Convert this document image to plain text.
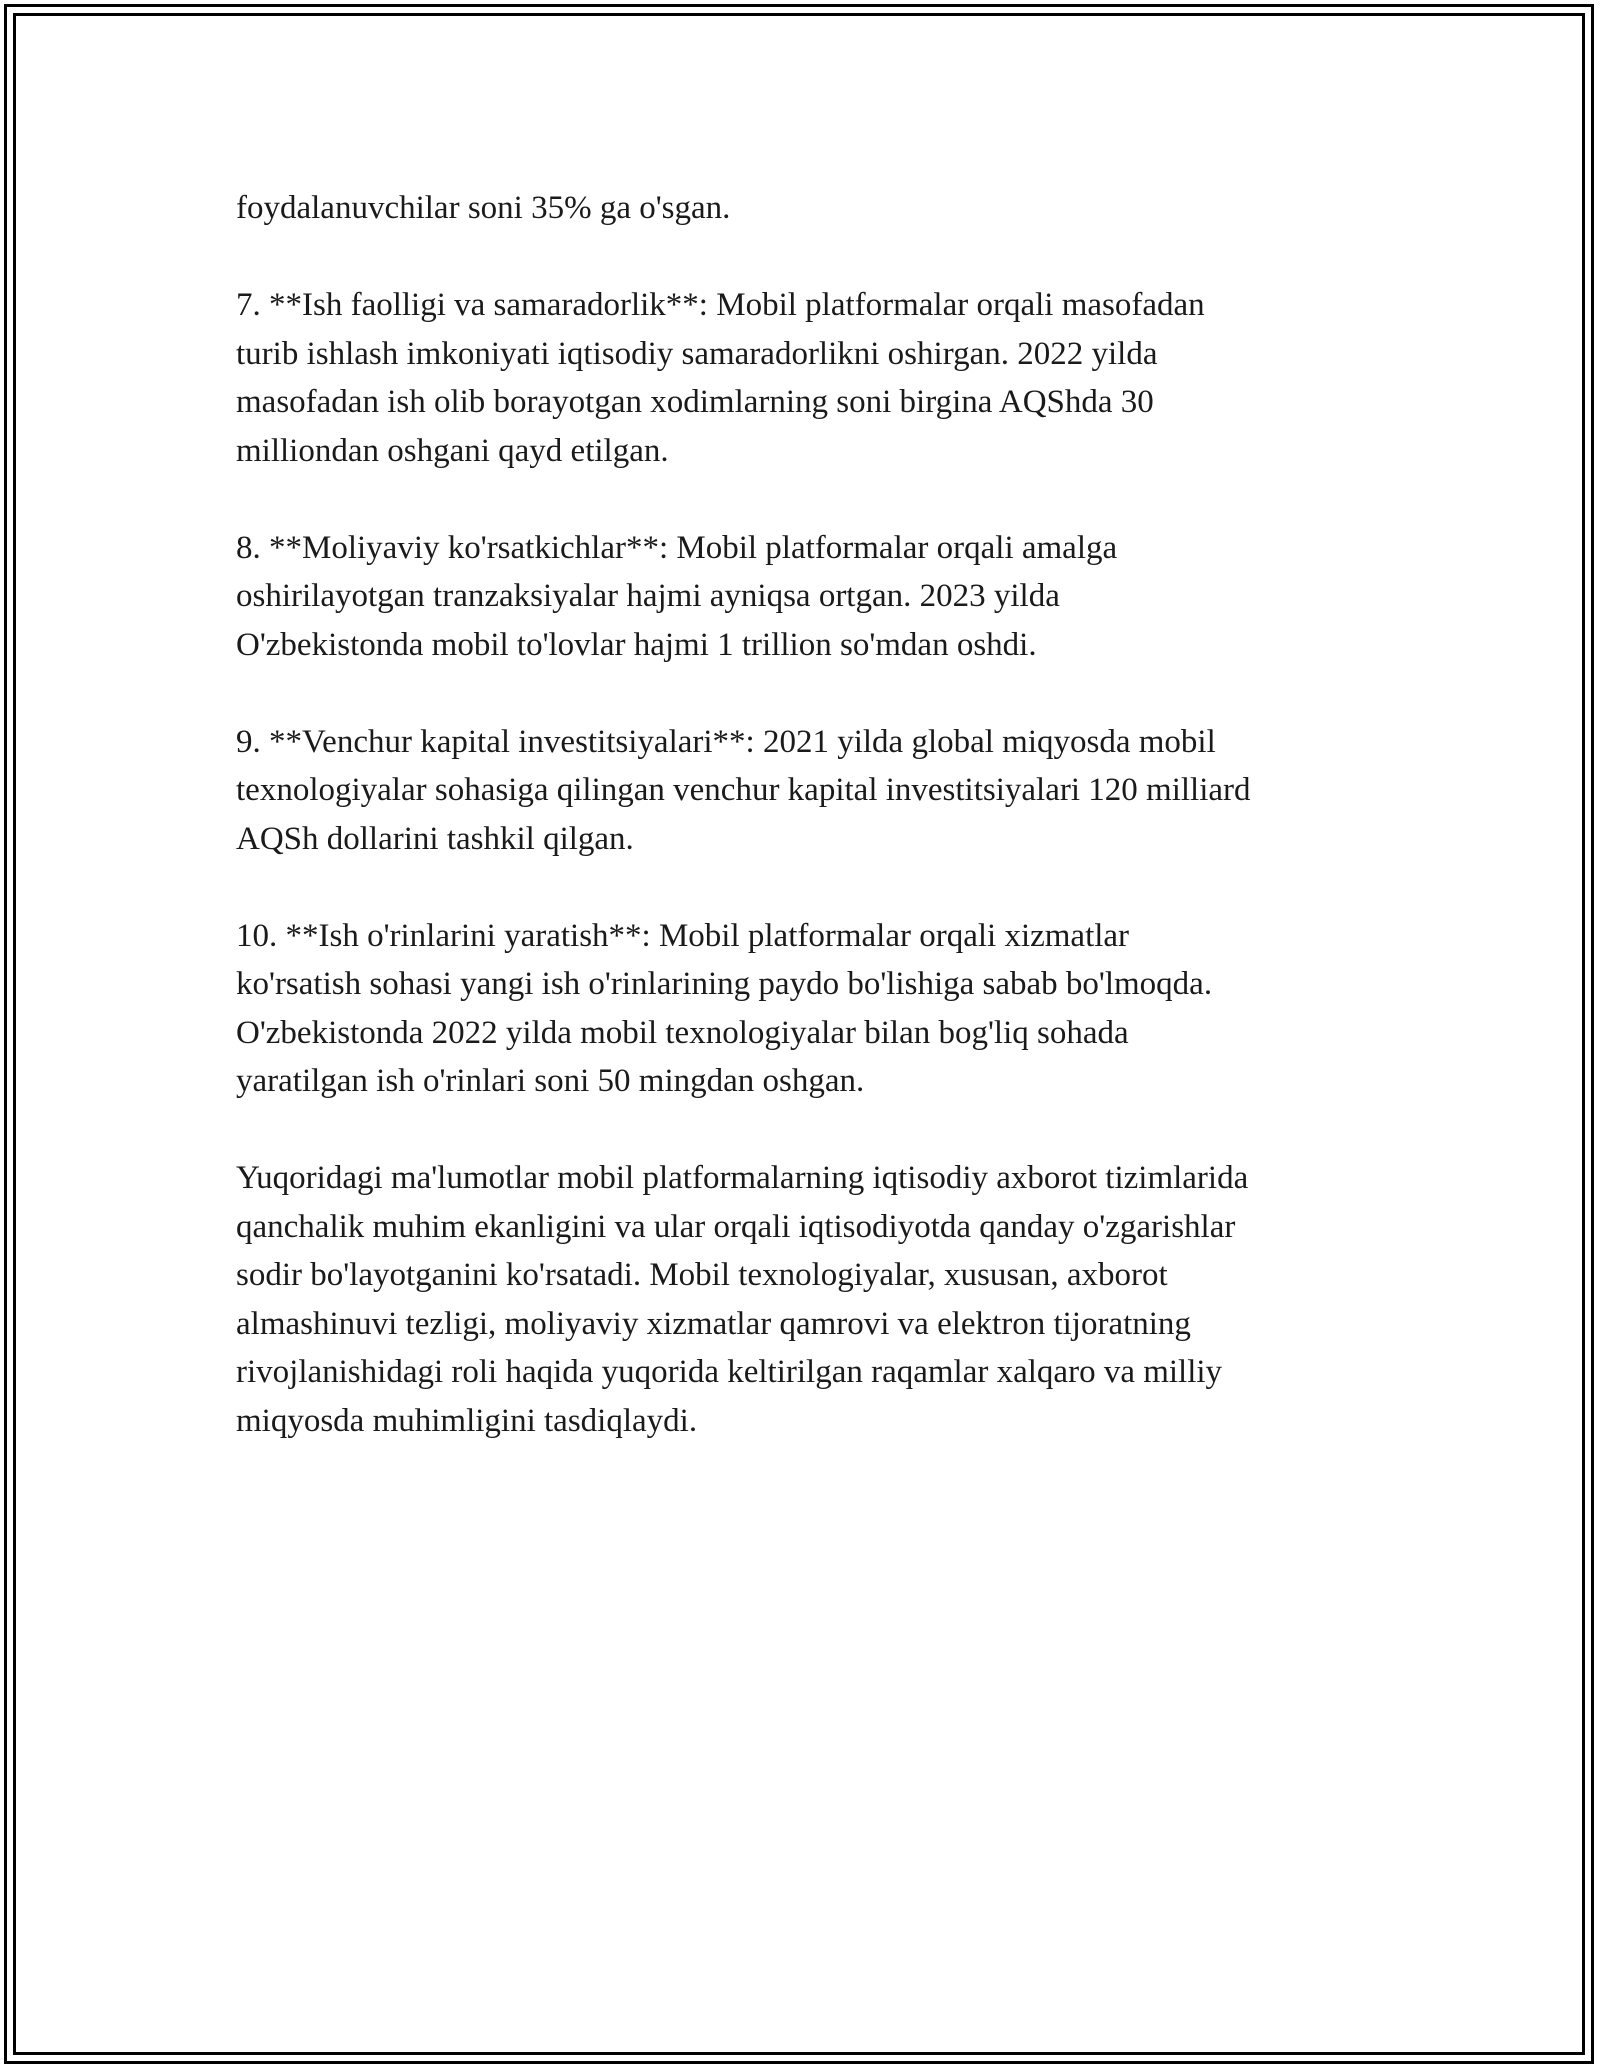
foydalanuvchilar soni 35% ga o'sgan.

7. **Ish faolligi va samaradorlik**: Mobil platformalar orqali masofadan
turib ishlash imkoniyati iqtisodiy samaradorlikni oshirgan. 2022 yilda
masofadan ish olib borayotgan xodimlarning soni birgina AQShda 30
milliondan oshgani qayd etilgan.

8. **Moliyaviy ko'rsatkichlar**: Mobil platformalar orqali amalga
oshirilayotgan tranzaksiyalar hajmi ayniqsa ortgan. 2023 yilda
O'zbekistonda mobil to'lovlar hajmi 1 trillion so'mdan oshdi.

9. **Venchur kapital investitsiyalari**: 2021 yilda global miqyosda mobil
texnologiyalar sohasiga qilingan venchur kapital investitsiyalari 120 milliard
AQSh dollarini tashkil qilgan.

10. **Ish o'rinlarini yaratish**: Mobil platformalar orqali xizmatlar
ko'rsatish sohasi yangi ish o'rinlarining paydo bo'lishiga sabab bo'lmoqda.
O'zbekistonda 2022 yilda mobil texnologiyalar bilan bog'liq sohada
yaratilgan ish o'rinlari soni 50 mingdan oshgan.

Yuqoridagi ma'lumotlar mobil platformalarning iqtisodiy axborot tizimlarida
qanchalik muhim ekanligini va ular orqali iqtisodiyotda qanday o'zgarishlar
sodir bo'layotganini ko'rsatadi. Mobil texnologiyalar, xususan, axborot
almashinuvi tezligi, moliyaviy xizmatlar qamrovi va elektron tijoratning
rivojlanishidagi roli haqida yuqorida keltirilgan raqamlar xalqaro va milliy
miqyosda muhimligini tasdiqlaydi.
